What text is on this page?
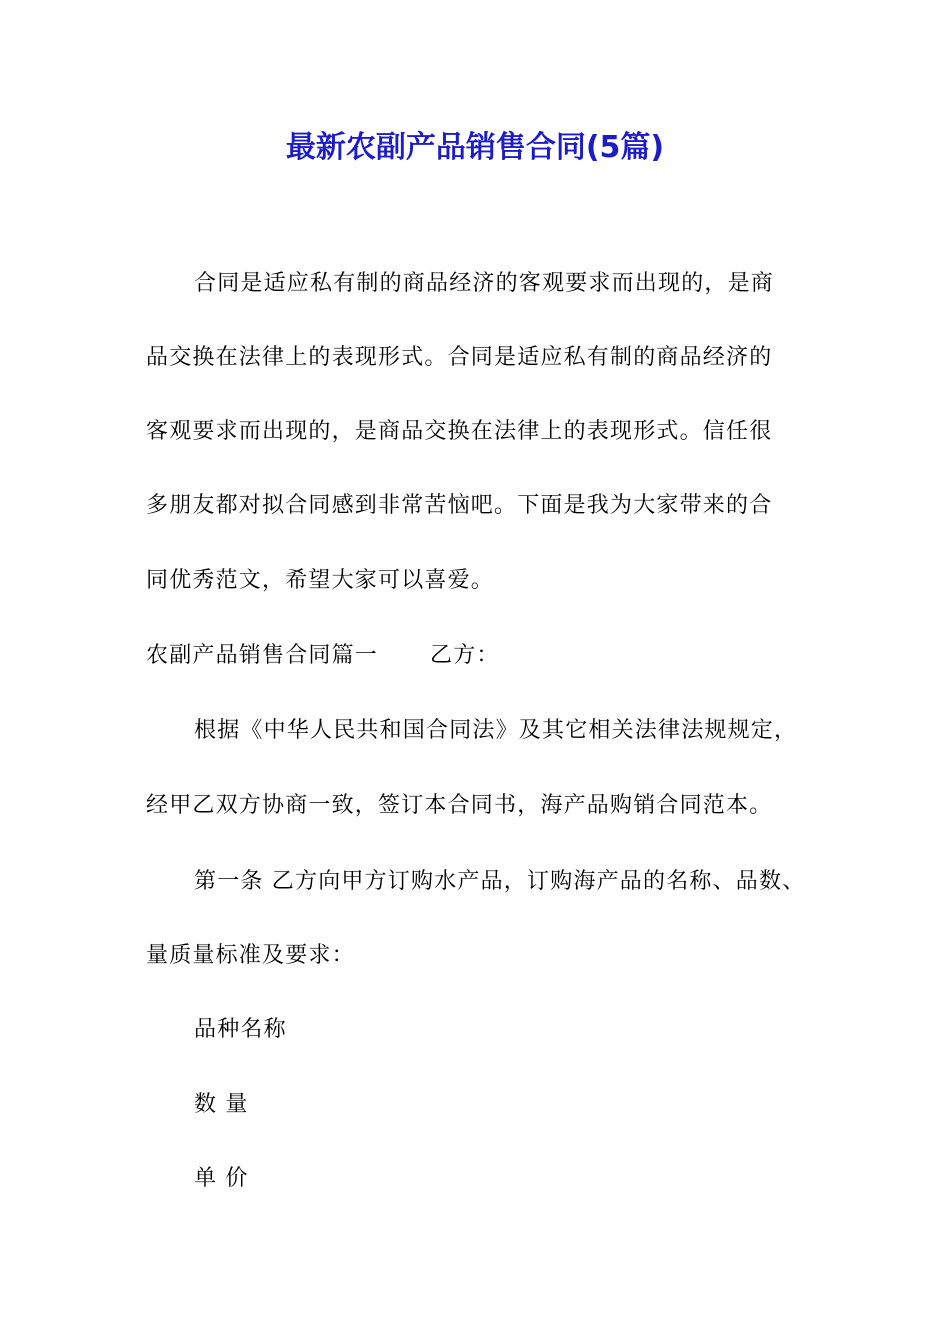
最新农副产品销售合同(5篇)
合同是适应私有制的商品经济的客观要求而出现的，是商
品交换在法律上的表现形式。合同是适应私有制的商品经济的
客观要求而出现的，是商品交换在法律上的表现形式。信任很
多朋友都对拟合同感到非常苦恼吧。下面是我为大家带来的合
同优秀范文，希望大家可以喜爱。
农副产品销售合同篇一 乙方：
根据《中华人民共和国合同法》及其它相关法律法规规定，
经甲乙双方协商一致，签订本合同书，海产品购销合同范本。
第一条 乙方向甲方订购水产品，订购海产品的名称、品数、
量质量标准及要求：
品种名称
数 量
单 价
